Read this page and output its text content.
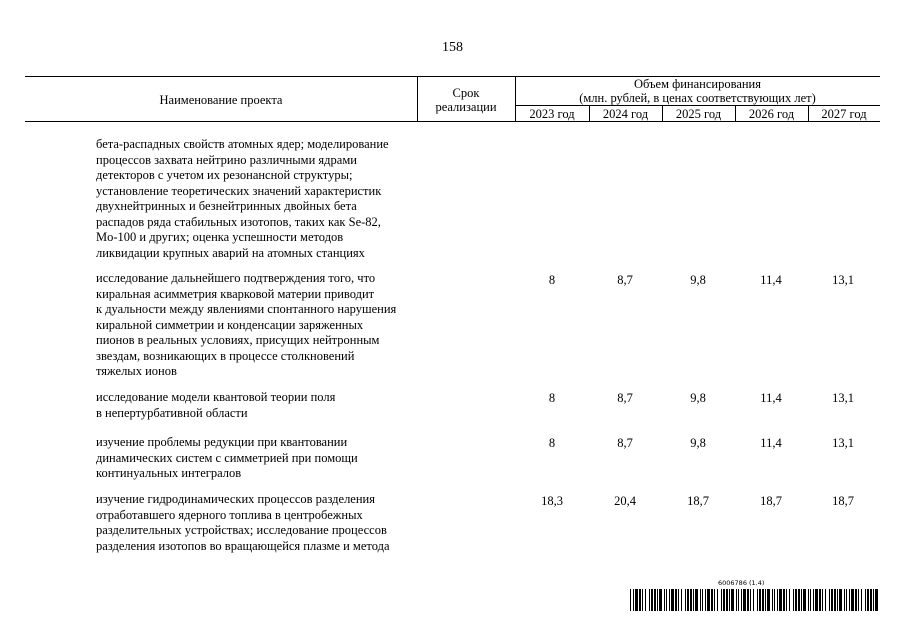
158
Наименование проекта	Срок
реализации
Объем финансирования
(млн. рублей, в ценах соответствующих лет)
2023 год	2024 год	2025 год	2026 год	2027 год
бета-распадных свойств атомных ядер; моделирование
процессов захвата нейтрино различными ядрами
детекторов с учетом их резонансной структуры;
установление теоретических значений характеристик
двухнейтринных и безнейтринных двойных бета
распадов ряда стабильных изотопов, таких как Se-82,
Mo-100 и других; оценка успешности методов
ликвидации крупных аварий на атомных станциях
исследование дальнейшего подтверждения того, что
киральная асимметрия кварковой материи приводит
к дуальности между явлениями спонтанного нарушения
киральной симметрии и конденсации заряженных
пионов в реальных условиях, присущих нейтронным
звездам, возникающих в процессе столкновений
тяжелых ионов
8	8,7	9,8	11,4	13,1
исследование модели квантовой теории поля
в непертурбативной области
8	8,7	9,8	11,4	13,1
изучение проблемы редукции при квантовании
динамических систем с симметрией при помощи
континуальных интегралов
8	8,7	9,8	11,4	13,1
изучение гидродинамических процессов разделения
отработавшего ядерного топлива в центробежных
разделительных устройствах; исследование процессов
разделения изотопов во вращающейся плазме и метода
18,3	20,4	18,7	18,7	18,7
6006786 (1.4)
